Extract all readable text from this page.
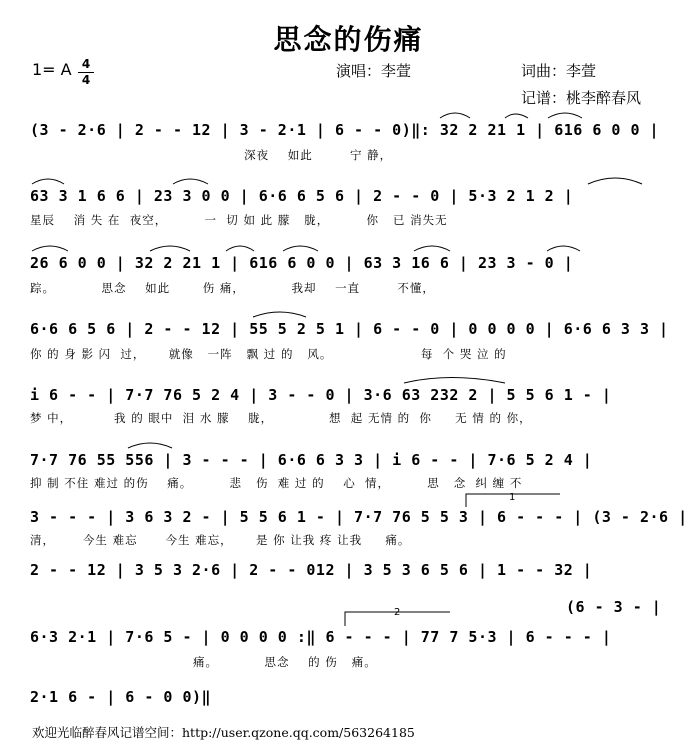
思念的伤痛
1= A 4
4	演唱：李萱	词曲：李萱
记谱：桃李醉春风
(3 - 2·6 | 2 - - 12 | 3 - 2·1 | 6 - - 0)‖: 32 2 21 1 | 616 6 0 0 |
深夜    如此        宁 静，
63 3 1 6 6 | 23 3 0 0 | 6·6 6 5 6 | 2 - - 0 | 5·3 2 1 2 |
星辰    消 失 在  夜空，        一  切 如 此 朦   胧，        你   已 消失无
26 6 0 0 | 32 2 21 1 | 616 6 0 0 | 63 3 16 6 | 23 3 - 0 |
踪。          思念    如此       伤 痛，          我却    一直        不懂，
6·6 6 5 6 | 2 - - 12 | 55 5 2 5 1 | 6 - - 0 | 0 0 0 0 | 6·6 6 3 3 |
你 的 身 影 闪  过，     就像   一阵   飘 过 的   风。                   每  个 哭 泣 的
i 6 - - | 7·7 76 5 2 4 | 3 - - 0 | 3·6 63 232 2 | 5 5 6 1 - |
梦 中，         我 的 眼中  泪 水 朦    胧，            想  起 无情 的  你     无 情 的 你，
7·7 76 55 556 | 3 - - - | 6·6 6 3 3 | i 6 - - | 7·6 5 2 4 |
抑 制 不住 难过 的伤    痛。        悲   伤  难 过 的    心  情，        思   念  纠 缠 不
3 - - - | 3 6 3 2 - | 5 5 6 1 - | 7·7 76 5 5 3 | 6 - - - | (3 - 2·6 |
清，      今生 难忘      今生 难忘，     是 你 让我 疼 让我     痛。
2 - - 12 | 3 5 3 2·6 | 2 - - 012 | 3 5 3 6 5 6 | 1 - - 32 |
(6 - 3 - |
6·3 2·1 | 7·6 5 - | 0 0 0 0 :‖ 6 - - - | 77 7 5·3 | 6 - - - |
痛。          思念    的 伤   痛。
2·1 6 - | 6 - 0 0)‖
1
2
欢迎光临醉春风记谱空间：http://user.qzone.qq.com/563264185
